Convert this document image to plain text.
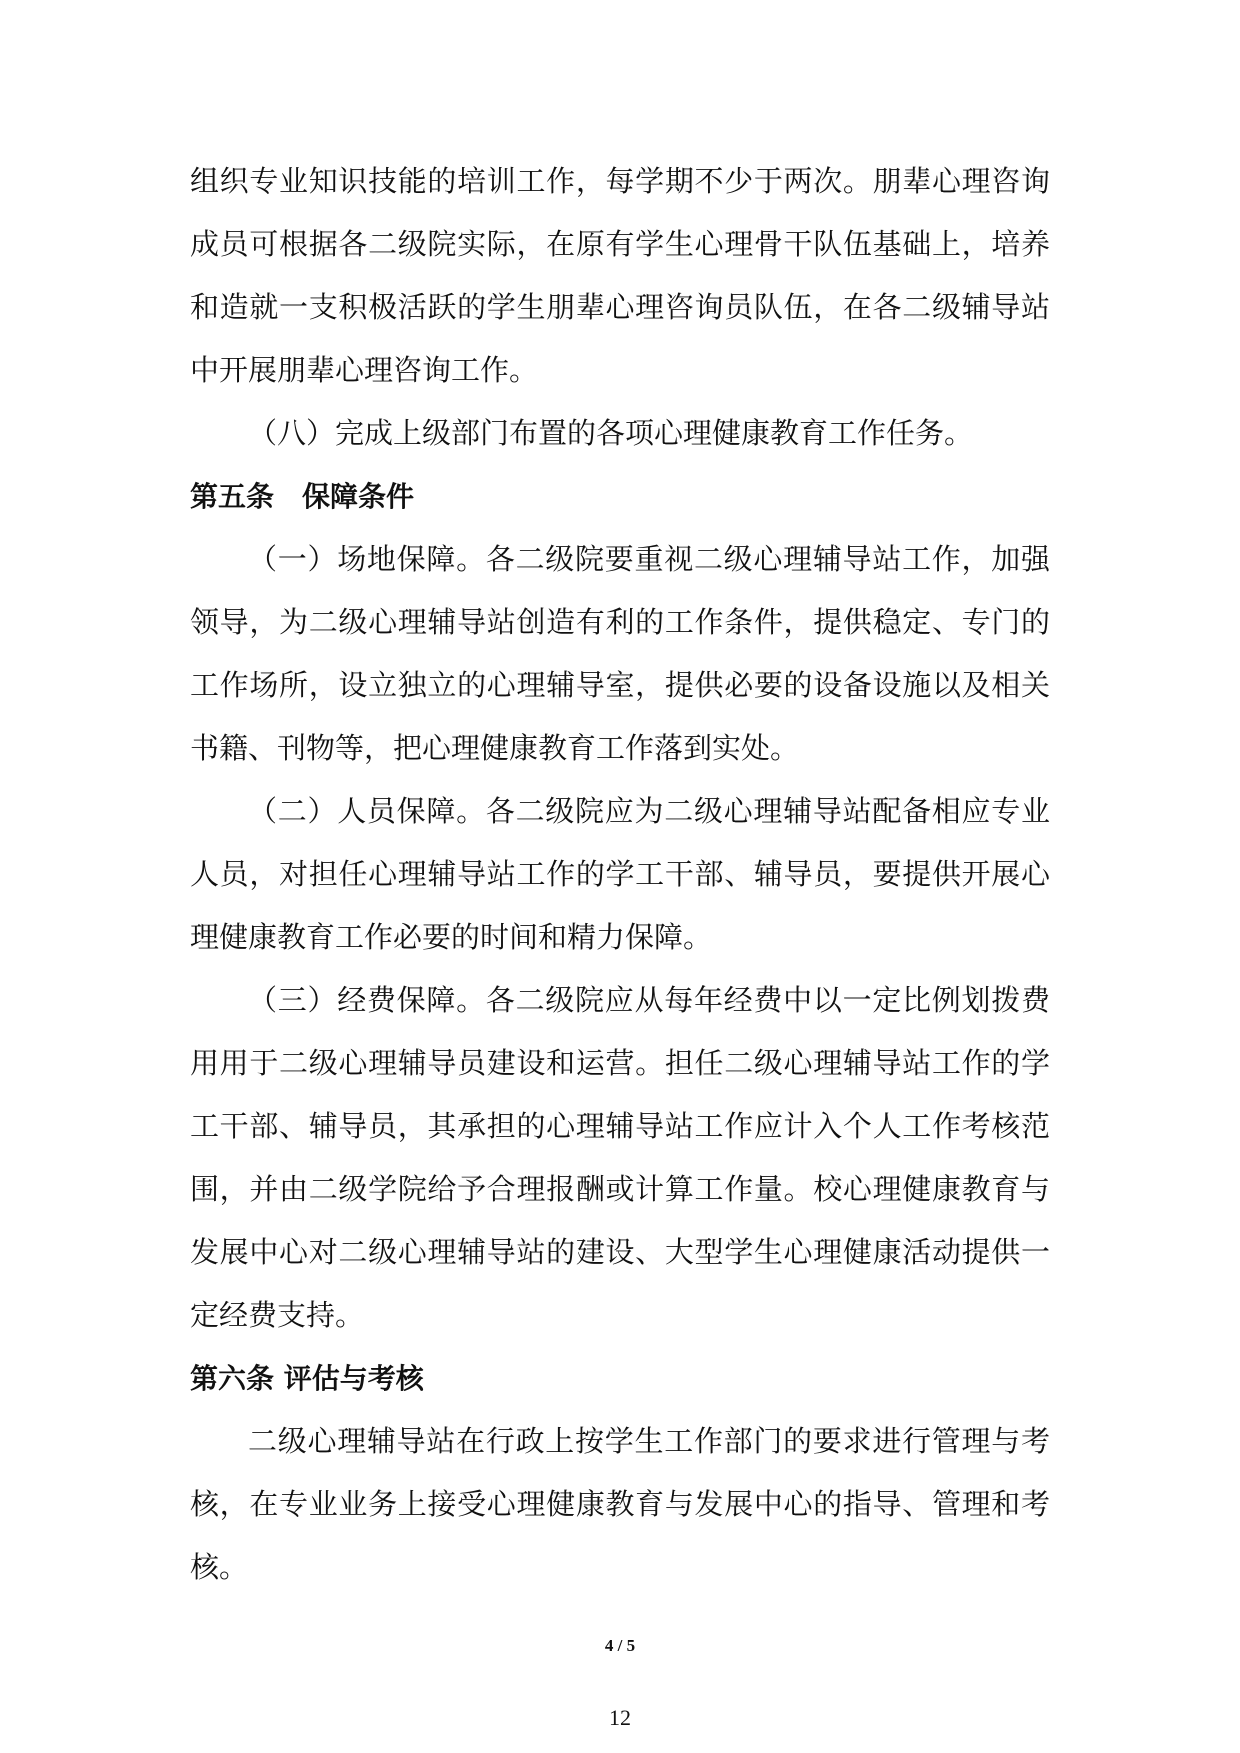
组织专业知识技能的培训工作，每学期不少于两次。朋辈心理咨询成员可根据各二级院实际，在原有学生心理骨干队伍基础上，培养和造就一支积极活跃的学生朋辈心理咨询员队伍，在各二级辅导站中开展朋辈心理咨询工作。

（八）完成上级部门布置的各项心理健康教育工作任务。

第五条　保障条件

（一）场地保障。各二级院要重视二级心理辅导站工作，加强领导，为二级心理辅导站创造有利的工作条件，提供稳定、专门的工作场所，设立独立的心理辅导室，提供必要的设备设施以及相关书籍、刊物等，把心理健康教育工作落到实处。

（二）人员保障。各二级院应为二级心理辅导站配备相应专业人员，对担任心理辅导站工作的学工干部、辅导员，要提供开展心理健康教育工作必要的时间和精力保障。

（三）经费保障。各二级院应从每年经费中以一定比例划拨费用用于二级心理辅导员建设和运营。担任二级心理辅导站工作的学工干部、辅导员，其承担的心理辅导站工作应计入个人工作考核范围，并由二级学院给予合理报酬或计算工作量。校心理健康教育与发展中心对二级心理辅导站的建设、大型学生心理健康活动提供一定经费支持。

第六条 评估与考核

二级心理辅导站在行政上按学生工作部门的要求进行管理与考核，在专业业务上接受心理健康教育与发展中心的指导、管理和考核。

4 / 5
12
